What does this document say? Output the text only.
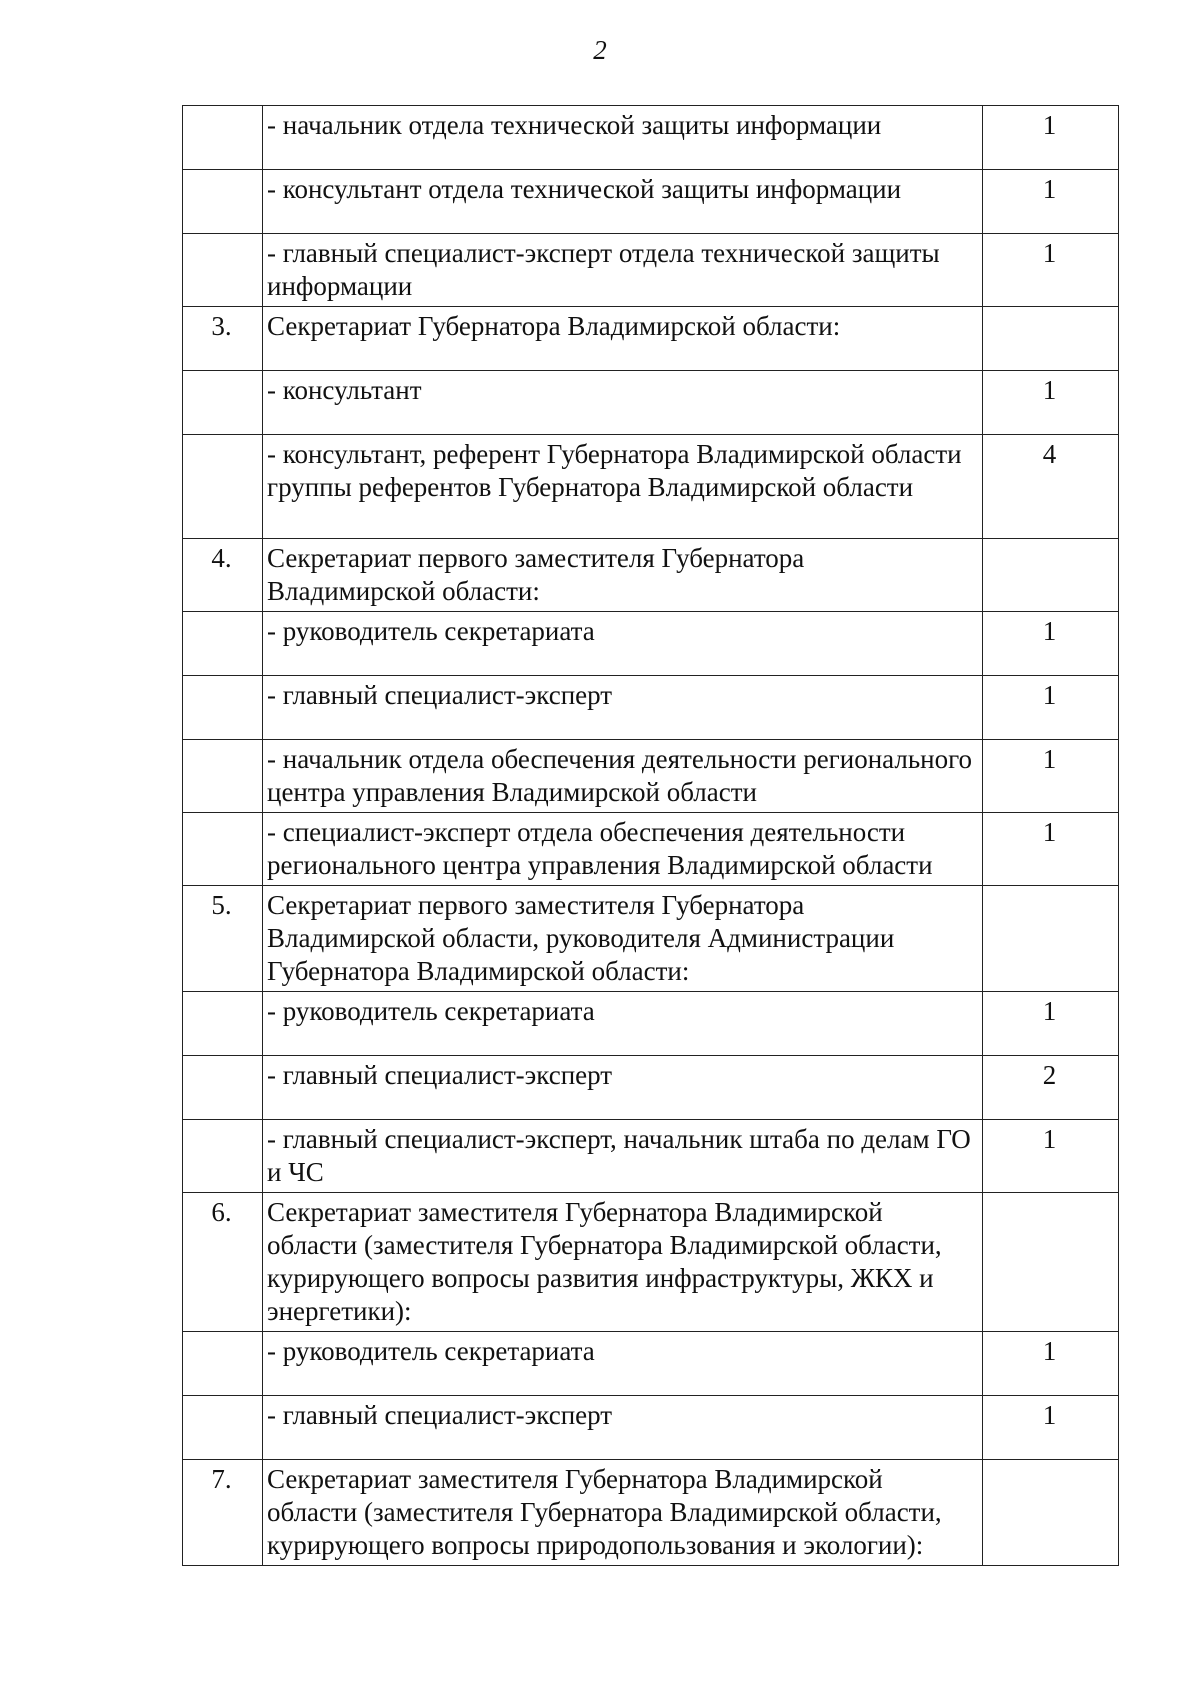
2
	- начальник отдела технической защиты информации	1
	- консультант отдела технической защиты информации	1
	- главный специалист-эксперт отдела технической защиты информации	1
3.	Секретариат Губернатора Владимирской области:	
	- консультант	1
	- консультант, референт Губернатора Владимирской области группы референтов Губернатора Владимирской области	4
4.	Секретариат первого заместителя Губернатора Владимирской области:	
	- руководитель секретариата	1
	- главный специалист-эксперт	1
	- начальник отдела обеспечения деятельности регионального центра управления Владимирской области	1
	- специалист-эксперт отдела обеспечения деятельности регионального центра управления Владимирской области	1
5.	Секретариат первого заместителя Губернатора Владимирской области, руководителя Администрации Губернатора Владимирской области:	
	- руководитель секретариата	1
	- главный специалист-эксперт	2
	- главный специалист-эксперт, начальник штаба по делам ГО и ЧС	1
6.	Секретариат заместителя Губернатора Владимирской области (заместителя Губернатора Владимирской области, курирующего вопросы развития инфраструктуры, ЖКХ и энергетики):	
	- руководитель секретариата	1
	- главный специалист-эксперт	1
7.	Секретариат заместителя Губернатора Владимирской области (заместителя Губернатора Владимирской области, курирующего вопросы природопользования и экологии):	
